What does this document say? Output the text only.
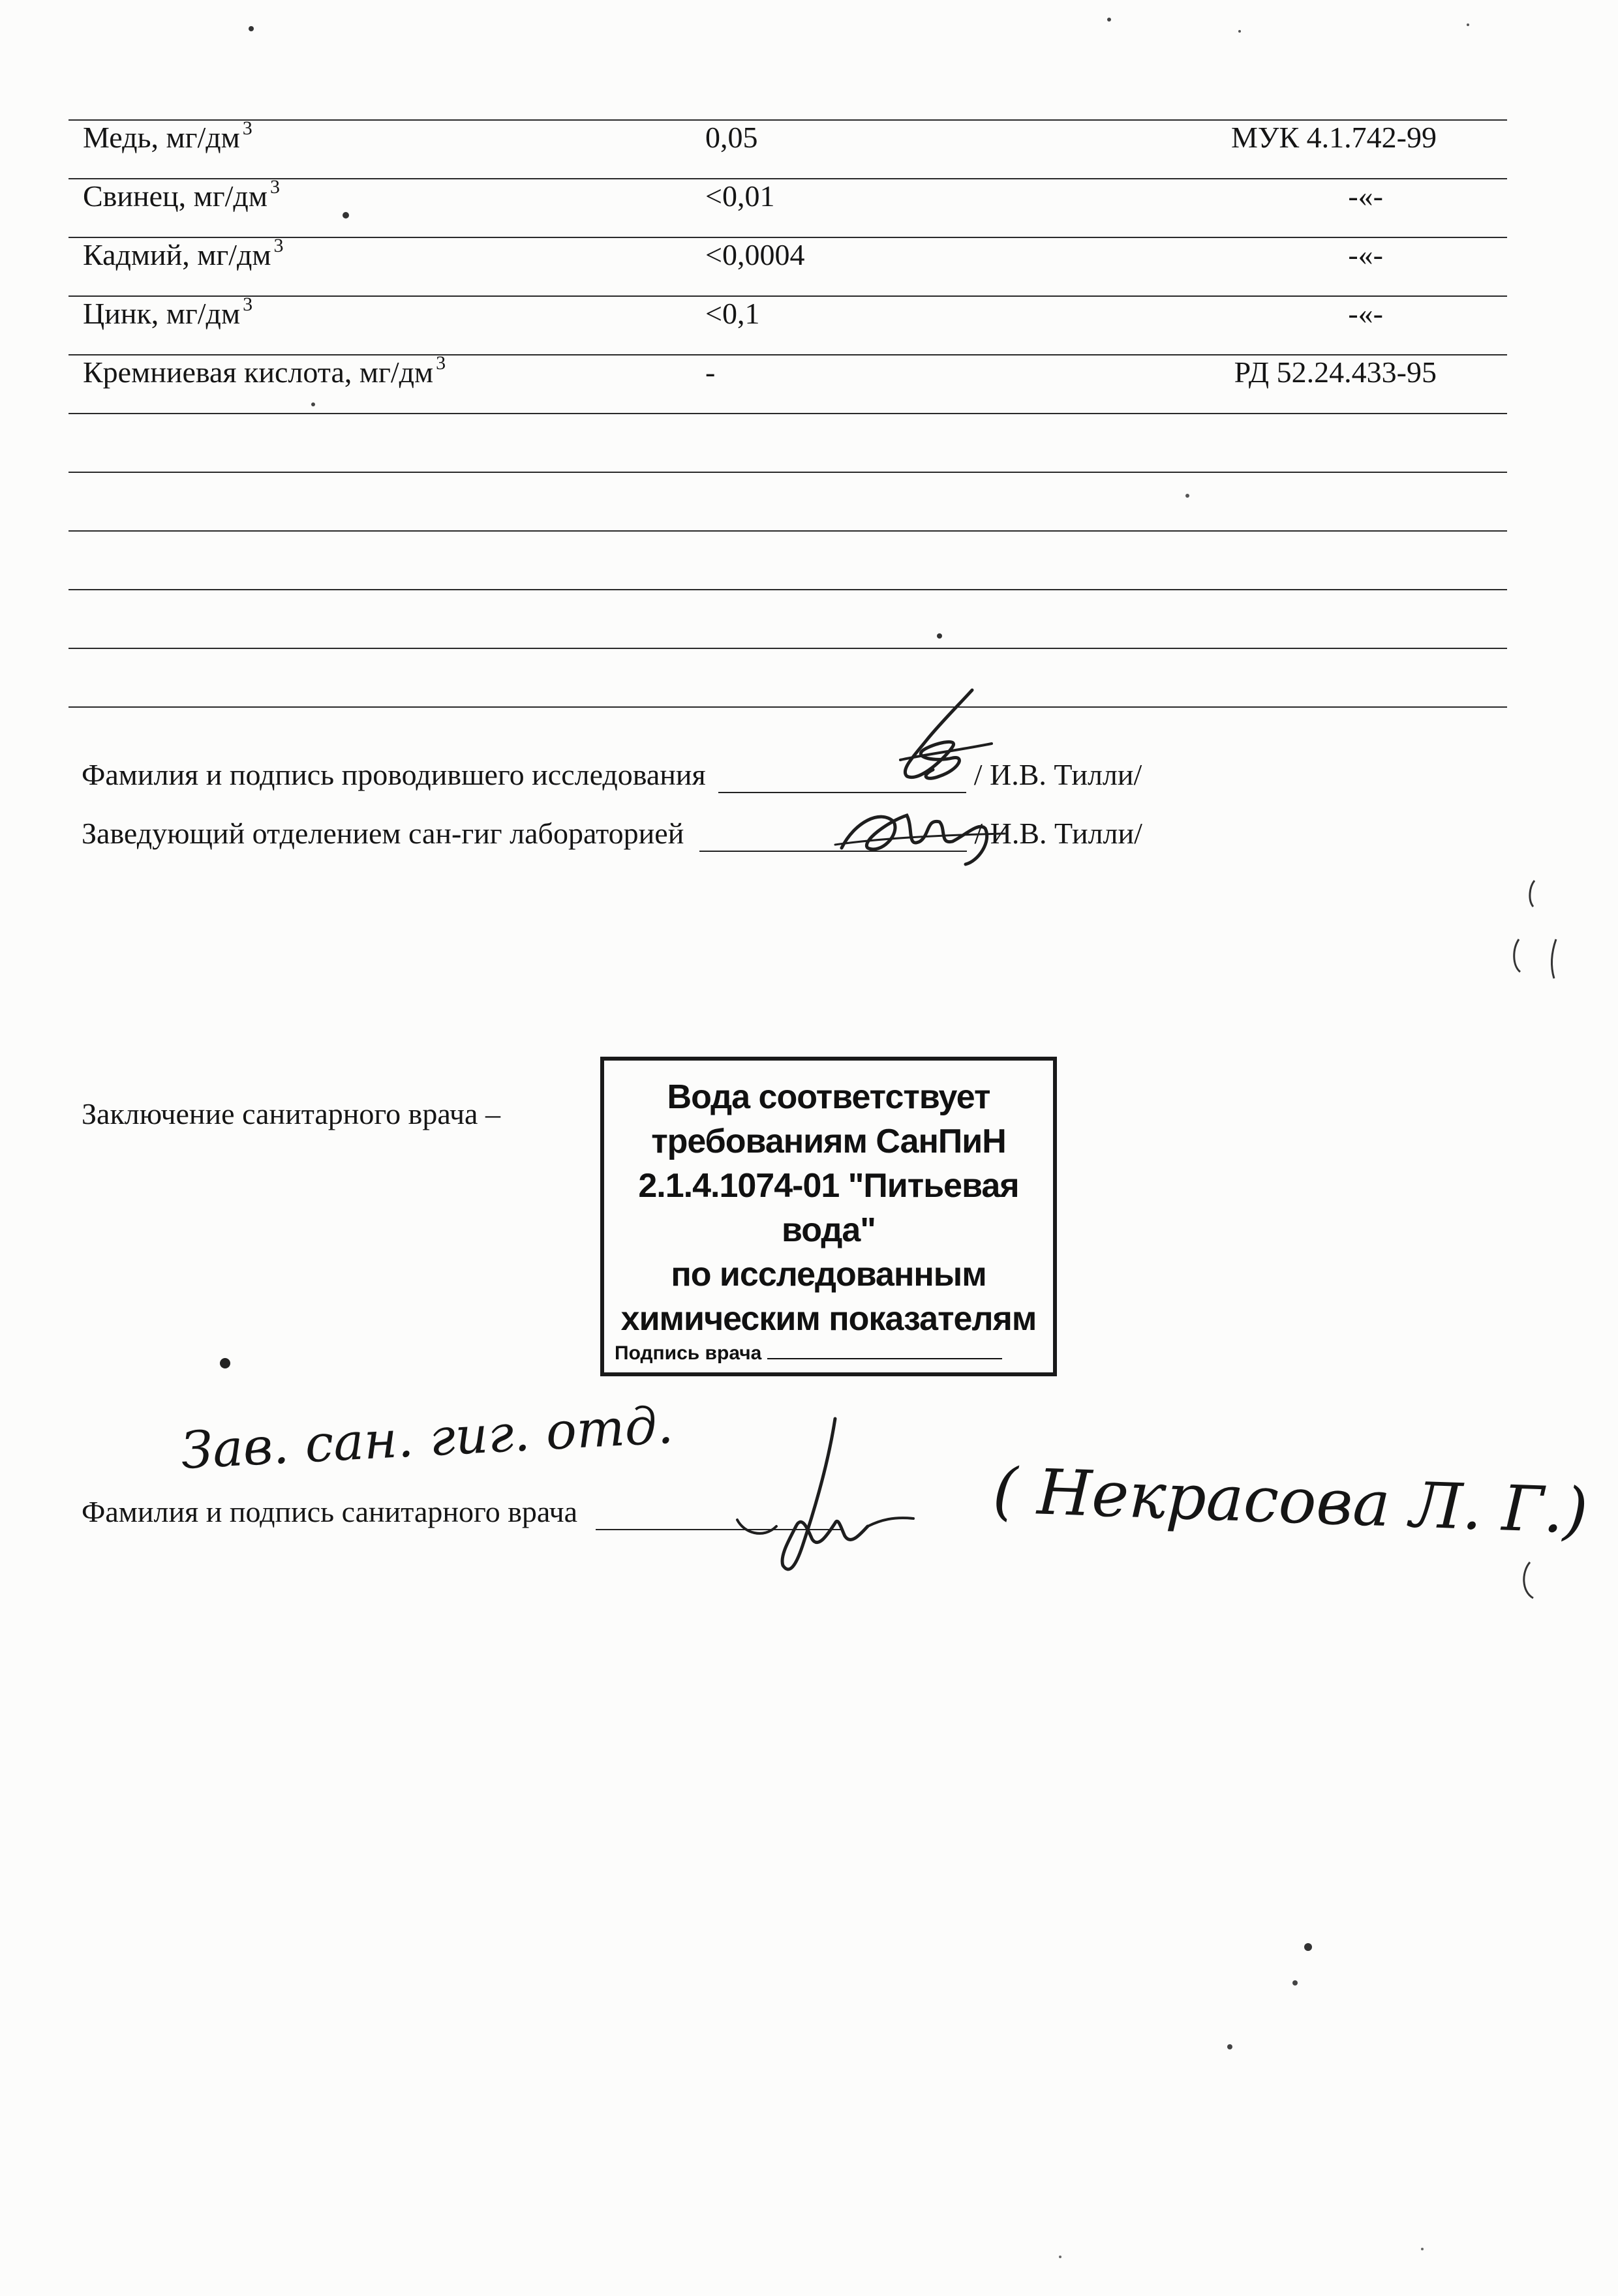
Медь, мг/дм $^3$	0,05	МУК 4.1.742-99
Свинец, мг/дм $^3$	<0,01	-«-
Кадмий, мг/дм $^3$	<0,0004	-«-
Цинк, мг/дм $^3$	<0,1	-«-
Кремниевая кислота, мг/дм $^3$	-	РД 52.24.433-95
Фамилия и подпись проводившего исследования	/ И.В. Тилли/
Заведующий отделением сан-гиг лабораторией	/ И.В. Тилли/
Заключение санитарного врача –	Вода соответствует
требованиям СанПиН
2.1.4.1074-01 "Питьевая вода"
по исследованным
химическим показателям
Подпись врача
Зав. сан. гиг. отд.
Фамилия и подпись санитарного врача	( Некрасова Л. Г.)
